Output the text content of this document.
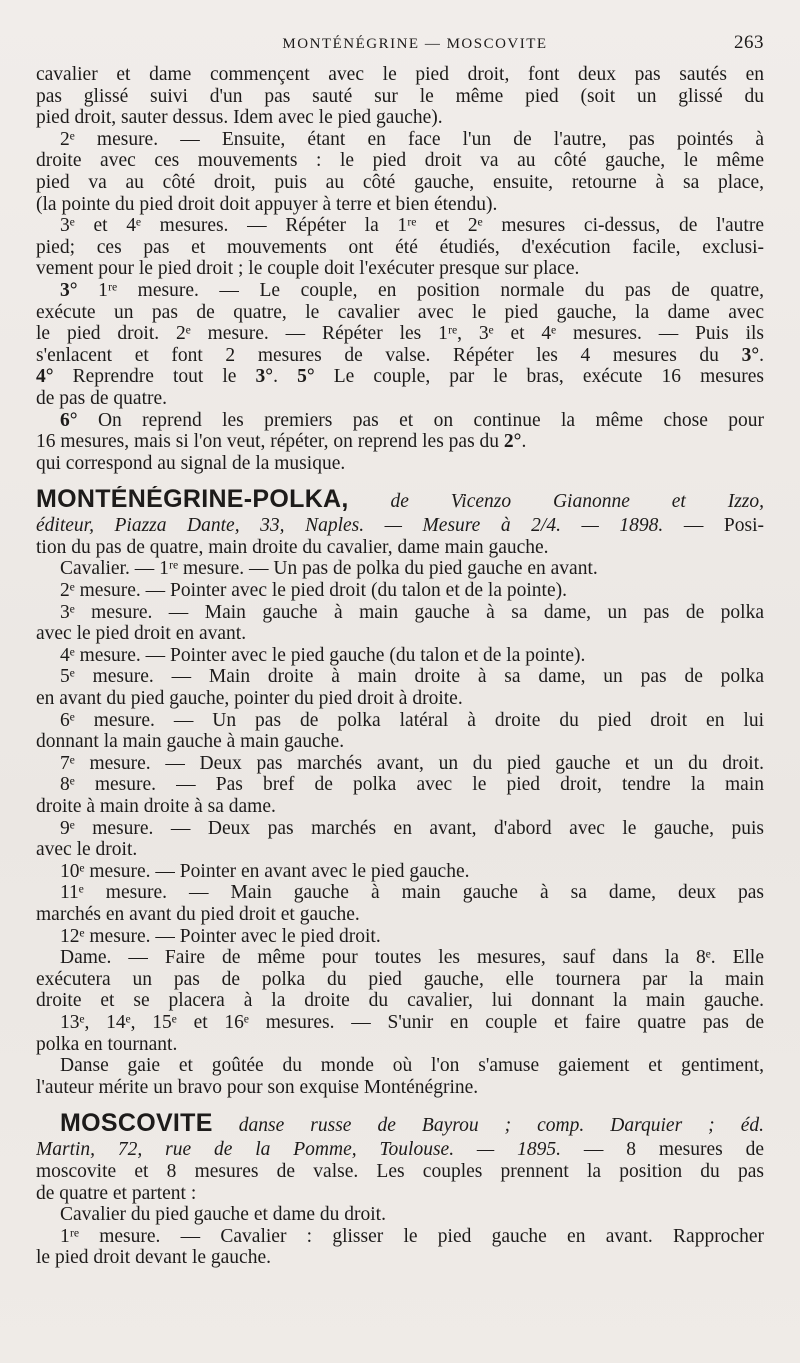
MONTÉNÉGRINE — MOSCOVITE	263
cavalier et dame commençent avec le pied droit, font deux pas sautés en
pas glissé suivi d'un pas sauté sur le même pied (soit un glissé du
pied droit, sauter dessus. Idem avec le pied gauche).
2ᵉ mesure. — Ensuite, étant en face l'un de l'autre, pas pointés à
droite avec ces mouvements : le pied droit va au côté gauche, le même
pied va au côté droit, puis au côté gauche, ensuite, retourne à sa place,
(la pointe du pied droit doit appuyer à terre et bien étendu).
3ᵉ et 4ᵉ mesures. — Répéter la 1ʳᵉ et 2ᵉ mesures ci-dessus, de l'autre
pied; ces pas et mouvements ont été étudiés, d'exécution facile, exclusi-
vement pour le pied droit ; le couple doit l'exécuter presque sur place.
3° 1ʳᵉ mesure. — Le couple, en position normale du pas de quatre,
exécute un pas de quatre, le cavalier avec le pied gauche, la dame avec
le pied droit. 2ᵉ mesure. — Répéter les 1ʳᵉ, 3ᵉ et 4ᵉ mesures. — Puis ils
s'enlacent et font 2 mesures de valse. Répéter les 4 mesures du 3°.
4° Reprendre tout le 3°. 5° Le couple, par le bras, exécute 16 mesures
de pas de quatre.
6° On reprend les premiers pas et on continue la même chose pour
16 mesures, mais si l'on veut, répéter, on reprend les pas du 2°.
qui correspond au signal de la musique.
MONTÉNÉGRINE-POLKA, de Vicenzo Gianonne et Izzo,
éditeur, Piazza Dante, 33, Naples. — Mesure à 2/4. — 1898. — Posi-
tion du pas de quatre, main droite du cavalier, dame main gauche.
Cavalier. — 1ʳᵉ mesure. — Un pas de polka du pied gauche en avant.
2ᵉ mesure. — Pointer avec le pied droit (du talon et de la pointe).
3ᵉ mesure. — Main gauche à main gauche à sa dame, un pas de polka
avec le pied droit en avant.
4ᵉ mesure. — Pointer avec le pied gauche (du talon et de la pointe).
5ᵉ mesure. — Main droite à main droite à sa dame, un pas de polka
en avant du pied gauche, pointer du pied droit à droite.
6ᵉ mesure. — Un pas de polka latéral à droite du pied droit en lui
donnant la main gauche à main gauche.
7ᵉ mesure. — Deux pas marchés avant, un du pied gauche et un du droit.
8ᵉ mesure. — Pas bref de polka avec le pied droit, tendre la main
droite à main droite à sa dame.
9ᵉ mesure. — Deux pas marchés en avant, d'abord avec le gauche, puis
avec le droit.
10ᵉ mesure. — Pointer en avant avec le pied gauche.
11ᵉ mesure. — Main gauche à main gauche à sa dame, deux pas
marchés en avant du pied droit et gauche.
12ᵉ mesure. — Pointer avec le pied droit.
Dame. — Faire de même pour toutes les mesures, sauf dans la 8ᵉ. Elle
exécutera un pas de polka du pied gauche, elle tournera par la main
droite et se placera à la droite du cavalier, lui donnant la main gauche.
13ᵉ, 14ᵉ, 15ᵉ et 16ᵉ mesures. — S'unir en couple et faire quatre pas de
polka en tournant.
Danse gaie et goûtée du monde où l'on s'amuse gaiement et gentiment,
l'auteur mérite un bravo pour son exquise Monténégrine.
MOSCOVITE danse russe de Bayrou ; comp. Darquier ; éd.
Martin, 72, rue de la Pomme, Toulouse. — 1895. — 8 mesures de
moscovite et 8 mesures de valse. Les couples prennent la position du pas
de quatre et partent :
Cavalier du pied gauche et dame du droit.
1ʳᵉ mesure. — Cavalier : glisser le pied gauche en avant. Rapprocher
le pied droit devant le gauche.
